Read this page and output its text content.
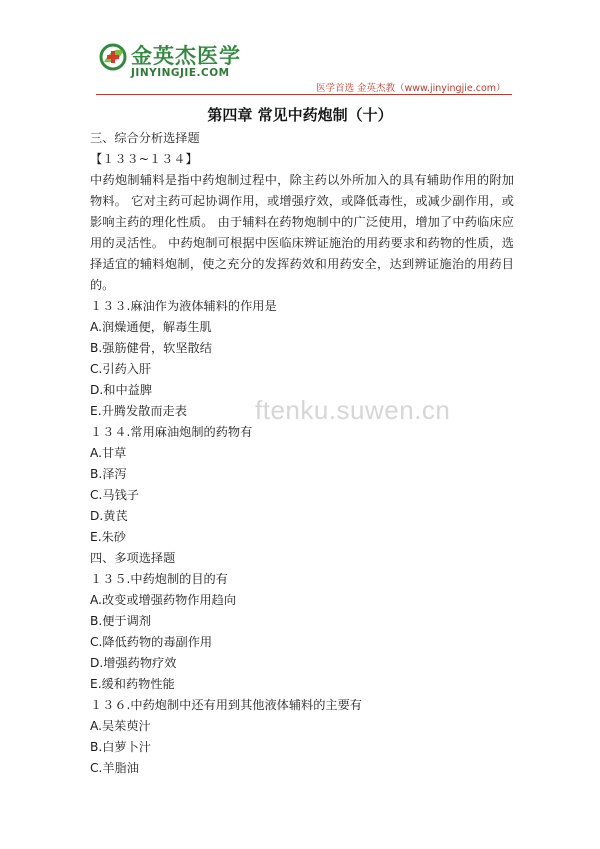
金英杰医学
JINYINGJIE.COM
医学首选 金英杰教（www.jinyingjie.com）
第四章 常见中药炮制（十）
三、综合分析选择题
【１３３~１３４】
中药炮制辅料是指中药炮制过程中，除主药以外所加入的具有辅助作用的附加物料。 它对主药可起协调作用，或增强疗效，或降低毒性，或减少副作用，或影响主药的理化性质。 由于辅料在药物炮制中的广泛使用，增加了中药临床应用的灵活性。 中药炮制可根据中医临床辨证施治的用药要求和药物的性质，选择适宜的辅料炮制，使之充分的发挥药效和用药安全，达到辨证施治的用药目的。
１３３.麻油作为液体辅料的作用是
A.润燥通便，解毒生肌
B.强筋健骨，软坚散结
C.引药入肝
D.和中益脾
E.升腾发散而走表
１３４.常用麻油炮制的药物有
A.甘草
B.泽泻
C.马钱子
D.黄芪
E.朱砂
四、多项选择题
１３５.中药炮制的目的有
A.改变或增强药物作用趋向
B.便于调剂
C.降低药物的毒副作用
D.增强药物疗效
E.缓和药物性能
１３６.中药炮制中还有用到其他液体辅料的主要有
A.吴茱萸汁
B.白萝卜汁
C.羊脂油
ftenku.suwen.cn
